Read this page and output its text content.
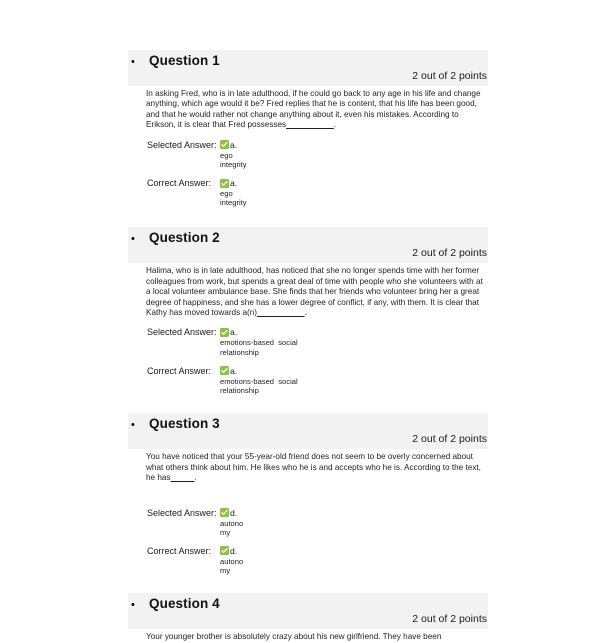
•	Question 1
2 out of 2 points
In asking Fred, who is in late adulthood, if he could go back to any age in his life and change anything, which age would it be? Fred replies that he is content, that his life has been good, and that he would rather not change anything about it, even his mistakes. According to Erikson, it is clear that Fred possesses__________.
Selected Answer:	a.
ego
integrity
Correct Answer:	a.
ego
integrity
•	Question 2
2 out of 2 points
Halima, who is in late adulthood, has noticed that she no longer spends time with her former colleagues from work, but spends a great deal of time with people who she volunteers with at a local volunteer ambulance base. She finds that her friends who volunteer bring her a great degree of happiness, and she has a lower degree of conflict, if any, with them. It is clear that Kathy has moved towards a(n)__________.
Selected Answer:	a.
emotions-based  social
relationship
Correct Answer:	a.
emotions-based  social
relationship
•	Question 3
2 out of 2 points
You have noticed that your 55-year-old friend does not seem to be overly concerned about what others think about him. He likes who he is and accepts who he is. According to the text, he has_____.
Selected Answer:	d.
autono
my
Correct Answer:	d.
autono
my
•	Question 4
2 out of 2 points
Your younger brother is absolutely crazy about his new girlfriend. They have been
